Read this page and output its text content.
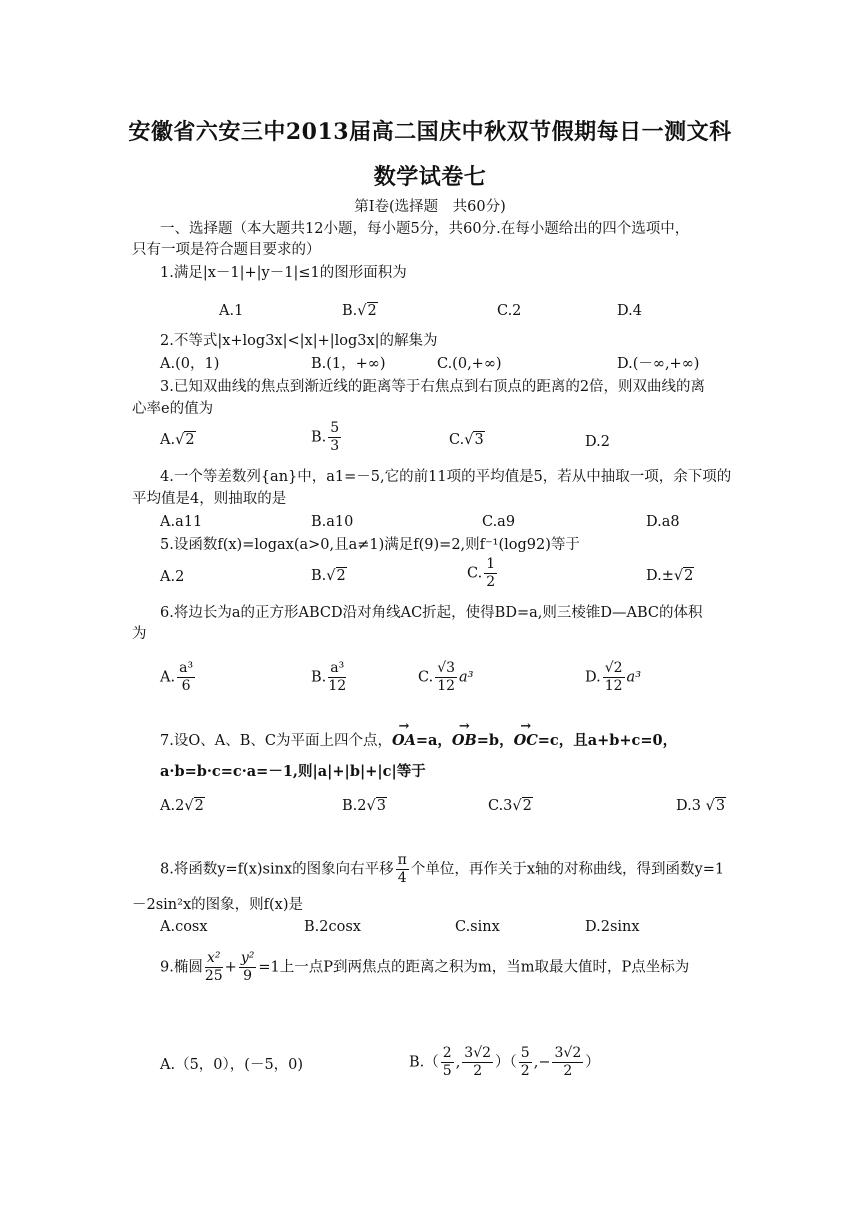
安徽省六安三中2013届高二国庆中秋双节假期每日一测文科
数学试卷七
第Ⅰ卷(选择题　共60分)
一、选择题（本大题共12小题，每小题5分，共60分.在每小题给出的四个选项中，
只有一项是符合题目要求的）
1.满足|x－1|+|y－1|≤1的图形面积为
A.1	B.√2	C.2	D.4
2.不等式|x+log3x|<|x|+|log3x|的解集为
A.(0，1)	B.(1，+∞)	C.(0,+∞)	D.(－∞,+∞)
3.已知双曲线的焦点到渐近线的距离等于右焦点到右顶点的距离的2倍，则双曲线的离
心率e的值为
A.√2	B. $\frac{5}{3}$	C.√3	D.2
4.一个等差数列{an}中，a1=－5,它的前11项的平均值是5，若从中抽取一项，余下项的
平均值是4，则抽取的是
A.a11	B.a10	C.a9	D.a8
5.设函数f(x)=logax(a>0,且a≠1)满足f(9)=2,则f⁻¹(log92)等于
A.2	B.√2	C. $\frac{1}{2}$	D.±√2
6.将边长为a的正方形ABCD沿对角线AC折起，使得BD=a,则三棱锥D—ABC的体积
为
A. $\frac{\text{a³}}{6}$	B. $\frac{\text{a³}}{12}$	C. $\frac{√3}{12} a^3$	D. $\frac{√2}{12} a^3$
7.设O、A、B、C为平面上四个点，→ OA=a，→ OB=b，→ OC=c，且a+b+c=0，
a·b=b·c=c·a=－1,则|a|+|b|+|c|等于
A.2√2	B.2√3	C.3√2	D.3 √3
8.将函数y=f(x)sinx的图象向右平移 $\frac{\pi}{4}$ 个单位，再作关于x轴的对称曲线，得到函数y=1
－2sin²x的图象，则f(x)是
A.cosx	B.2cosx	C.sinx	D.2sinx
9.椭圆 $\frac{\text{x²}}{25} + \frac{\text{y²}}{9} =1$上一点P到两焦点的距离之积为m，当m取最大值时，P点坐标为
A.（5，0），(－5，0)	$B.( \frac{2}{5}$ , $\frac{3√2}{2}$ ）（ $\frac{5}{2}$ ,− $\frac{3√2}{2}$ ）
